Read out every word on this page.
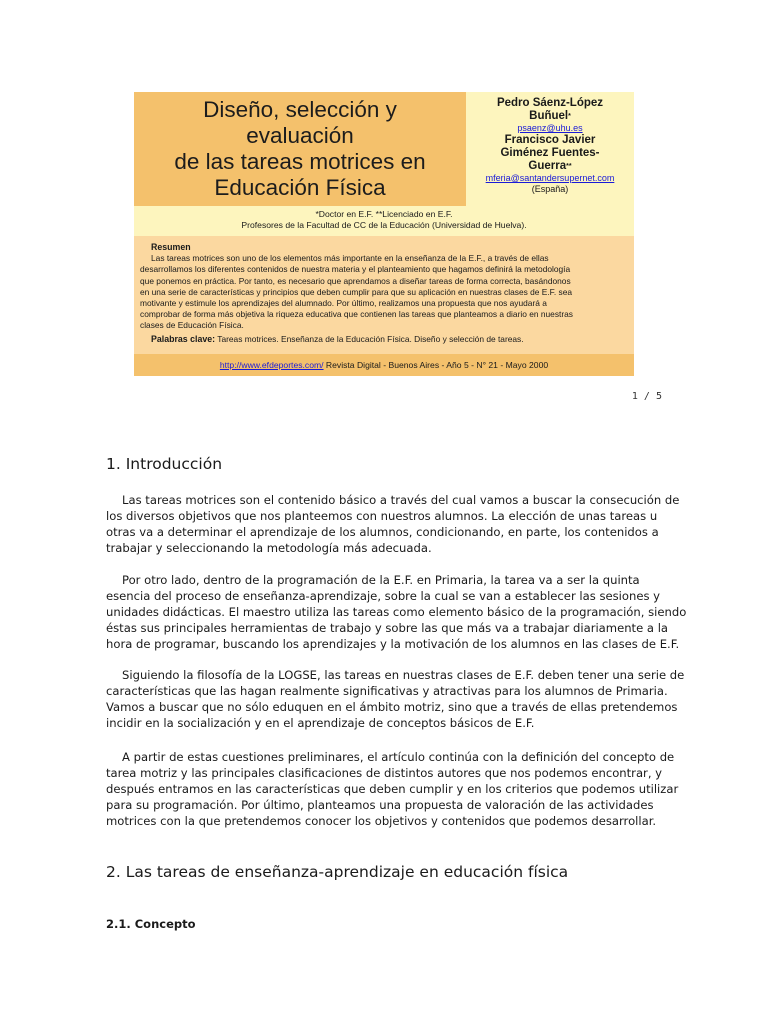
Diseño, selección y
evaluación
de las tareas motrices en
Educación Física
Pedro Sáenz-López
Buñuel*
psaenz@uhu.es
Francisco Javier
Giménez Fuentes-
Guerra**
mferia@santandersupernet.com
(España)
*Doctor en E.F. **Licenciado en E.F.
Profesores de la Facultad de CC de la Educación (Universidad de Huelva).
Resumen
Las tareas motrices son uno de los elementos más importante en la enseñanza de la E.F., a través de ellas
desarrollamos los diferentes contenidos de nuestra materia y el planteamiento que hagamos definirá la metodología
que ponemos en práctica. Por tanto, es necesario que aprendamos a diseñar tareas de forma correcta, basándonos
en una serie de características y principios que deben cumplir para que su aplicación en nuestras clases de E.F. sea
motivante y estimule los aprendizajes del alumnado. Por último, realizamos una propuesta que nos ayudará a
comprobar de forma más objetiva la riqueza educativa que contienen las tareas que planteamos a diario en nuestras
clases de Educación Física.
Palabras clave: Tareas motrices. Enseñanza de la Educación Física. Diseño y selección de tareas.
http://www.efdeportes.com/ Revista Digital - Buenos Aires - Año 5 - N° 21 - Mayo 2000
1 / 5
1. Introducción
Las tareas motrices son el contenido básico a través del cual vamos a buscar la consecución de
los diversos objetivos que nos planteemos con nuestros alumnos. La elección de unas tareas u
otras va a determinar el aprendizaje de los alumnos, condicionando, en parte, los contenidos a
trabajar y seleccionando la metodología más adecuada.
Por otro lado, dentro de la programación de la E.F. en Primaria, la tarea va a ser la quinta
esencia del proceso de enseñanza-aprendizaje, sobre la cual se van a establecer las sesiones y
unidades didácticas. El maestro utiliza las tareas como elemento básico de la programación, siendo
éstas sus principales herramientas de trabajo y sobre las que más va a trabajar diariamente a la
hora de programar, buscando los aprendizajes y la motivación de los alumnos en las clases de E.F.
Siguiendo la filosofía de la LOGSE, las tareas en nuestras clases de E.F. deben tener una serie de
características que las hagan realmente significativas y atractivas para los alumnos de Primaria.
Vamos a buscar que no sólo eduquen en el ámbito motriz, sino que a través de ellas pretendemos
incidir en la socialización y en el aprendizaje de conceptos básicos de E.F.
A partir de estas cuestiones preliminares, el artículo continúa con la definición del concepto de
tarea motriz y las principales clasificaciones de distintos autores que nos podemos encontrar, y
después entramos en las características que deben cumplir y en los criterios que podemos utilizar
para su programación. Por último, planteamos una propuesta de valoración de las actividades
motrices con la que pretendemos conocer los objetivos y contenidos que podemos desarrollar.
2. Las tareas de enseñanza-aprendizaje en educación física
2.1. Concepto
